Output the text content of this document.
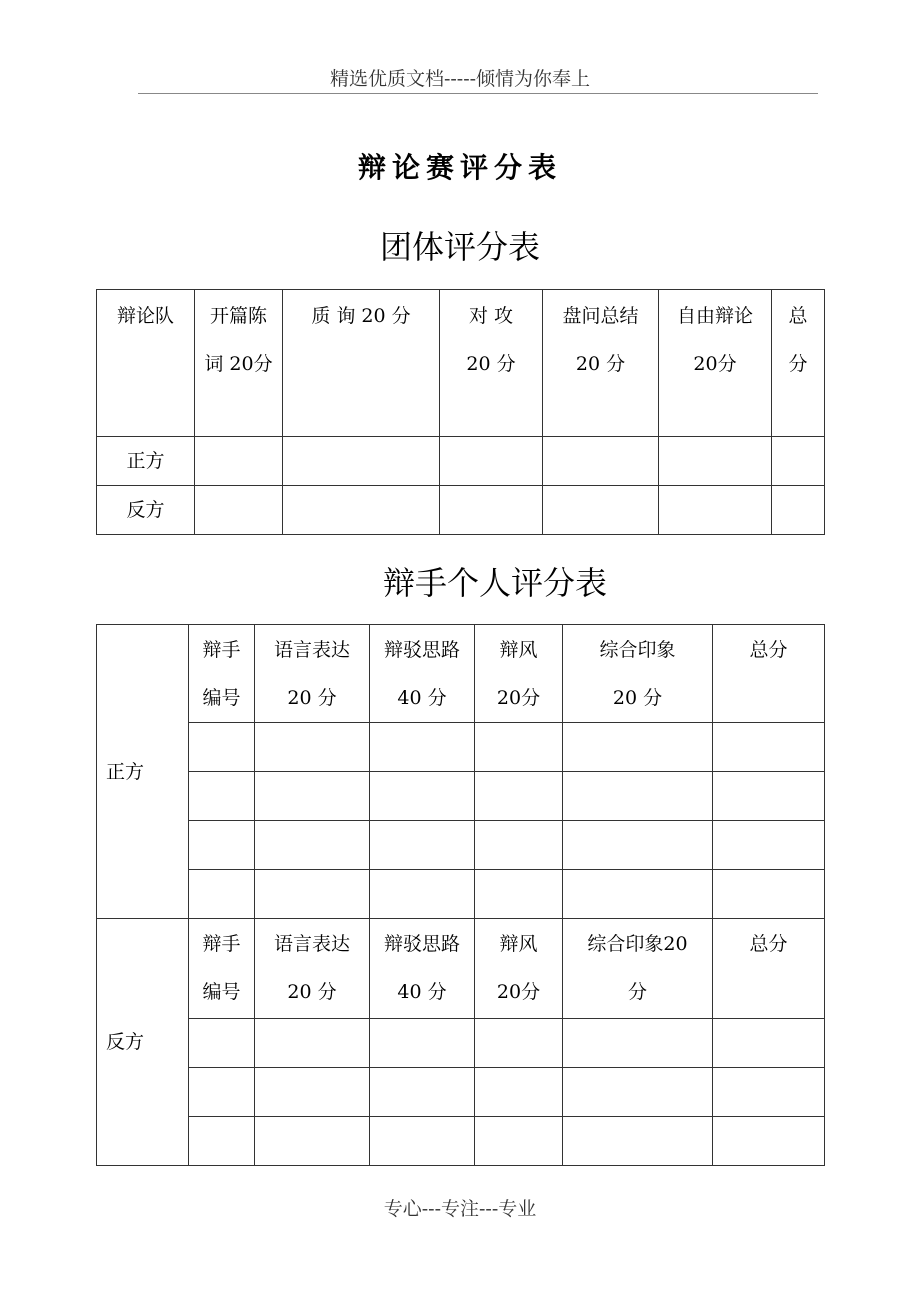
精选优质文档-----倾情为你奉上
辩论赛评分表
团体评分表
辩论队	开篇陈词 20分	质 询 20 分	对 攻 20 分	盘问总结 20 分	自由辩论 20分	总分
正方						
反方						
辩手个人评分表
正方	辩手编号	语言表达 20 分	辩驳思路 40 分	辩风 20分	综合印象 20 分	总分

反方	辩手编号	语言表达 20 分	辩驳思路 40 分	辩风 20分	综合印象20 分	总分

专心---专注---专业
